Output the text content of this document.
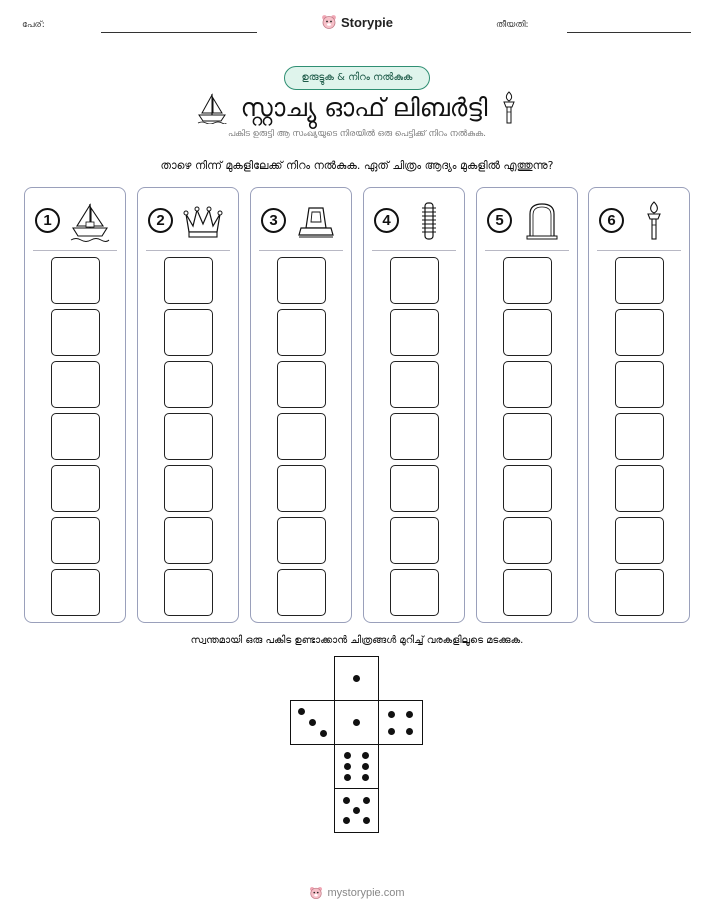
പേര്:	Storypie	തീയതി:
ഉരുട്ടുക & നിറം നൽകുക
സ്റ്റാച്യു ഓഫ് ലിബർട്ടി
പകിട ഉരുട്ടി ആ സംഖ്യയുടെ നിരയിൽ ഒരു പെട്ടിക്ക് നിറം നൽകുക.
താഴെ നിന്ന് മുകളിലേക്ക് നിറം നൽകുക. ഏത് ചിത്രം ആദ്യം മുകളിൽ എത്തുന്നു?
1	2	3	4	5	6
സ്വന്തമായി ഒരു പകിട ഉണ്ടാക്കാൻ ചിത്രങ്ങൾ മുറിച്ച് വരകളിലൂടെ മടക്കുക.
mystorypie.com
